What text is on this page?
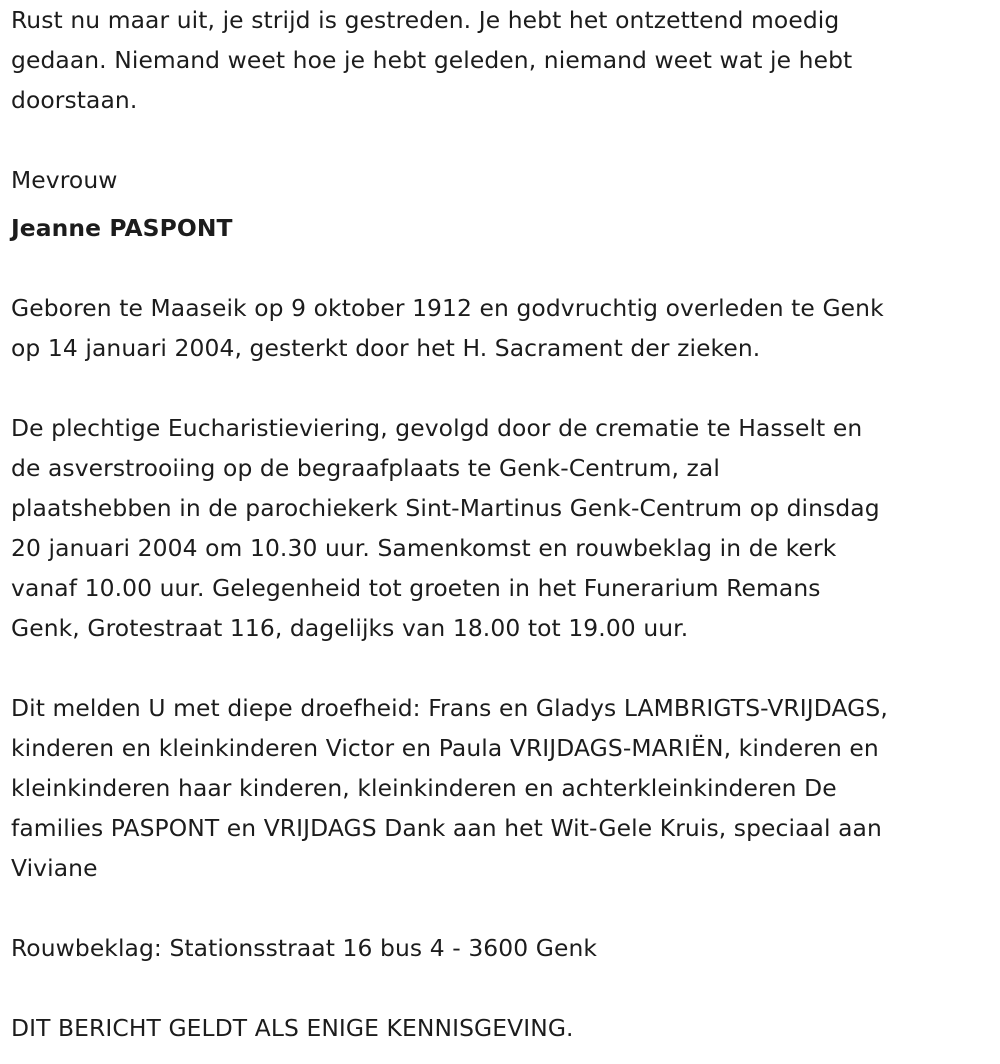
Rust nu maar uit, je strijd is gestreden. Je hebt het ontzettend moedig
gedaan. Niemand weet hoe je hebt geleden, niemand weet wat je hebt
doorstaan.
Mevrouw
Jeanne PASPONT
Geboren te Maaseik op 9 oktober 1912 en godvruchtig overleden te Genk
op 14 januari 2004, gesterkt door het H. Sacrament der zieken.
De plechtige Eucharistieviering, gevolgd door de crematie te Hasselt en
de asverstrooiing op de begraafplaats te Genk-Centrum, zal
plaatshebben in de parochiekerk Sint-Martinus Genk-Centrum op dinsdag
20 januari 2004 om 10.30 uur. Samenkomst en rouwbeklag in de kerk
vanaf 10.00 uur. Gelegenheid tot groeten in het Funerarium Remans
Genk, Grotestraat 116, dagelijks van 18.00 tot 19.00 uur.
Dit melden U met diepe droefheid: Frans en Gladys LAMBRIGTS-VRIJDAGS,
kinderen en kleinkinderen Victor en Paula VRIJDAGS-MARIËN, kinderen en
kleinkinderen haar kinderen, kleinkinderen en achterkleinkinderen De
families PASPONT en VRIJDAGS Dank aan het Wit-Gele Kruis, speciaal aan
Viviane
Rouwbeklag: Stationsstraat 16 bus 4 - 3600 Genk
DIT BERICHT GELDT ALS ENIGE KENNISGEVING.
